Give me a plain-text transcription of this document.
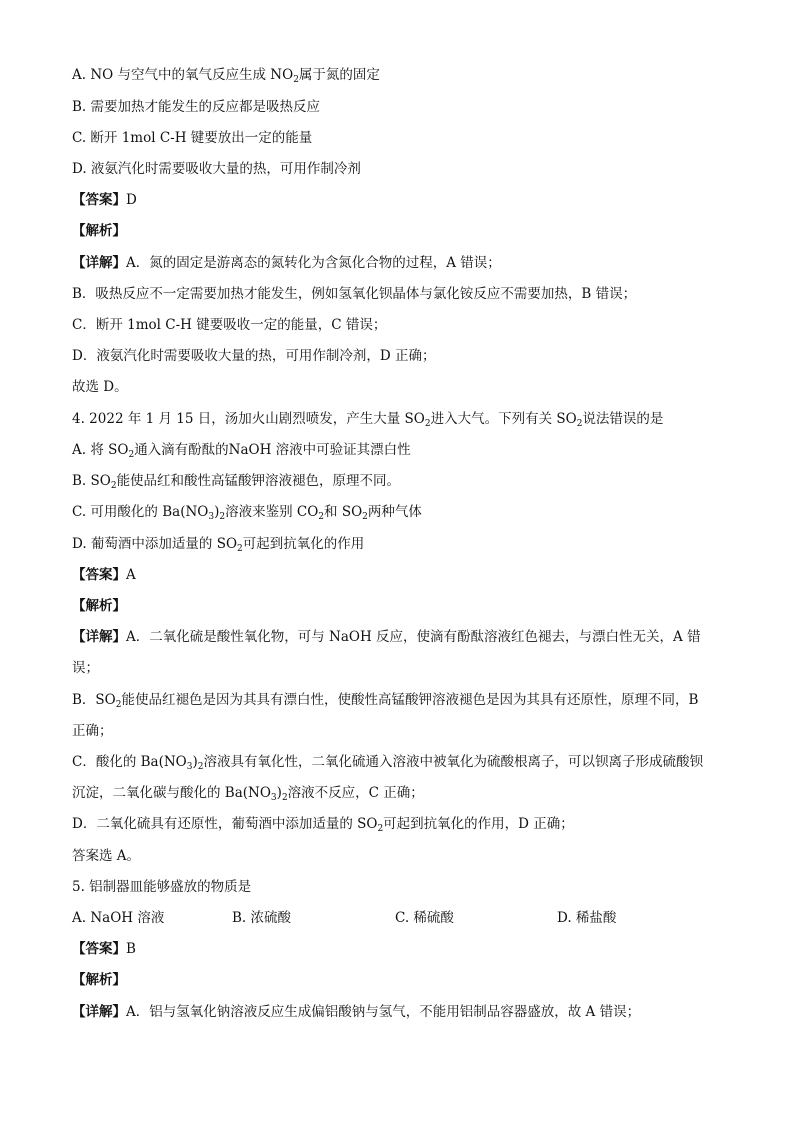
A. NO 与空气中的氧气反应生成 $NO_2$属于氮的固定
B. 需要加热才能发生的反应都是吸热反应
C. 断开 1mol C-H 键要放出一定的能量
D. 液氨汽化时需要吸收大量的热，可用作制冷剂
【答案】D
【解析】
【详解】A．氮的固定是游离态的氮转化为含氮化合物的过程，A 错误；
B．吸热反应不一定需要加热才能发生，例如氢氧化钡晶体与氯化铵反应不需要加热，B 错误；
C．断开 1mol C-H 键要吸收一定的能量，C 错误；
D．液氨汽化时需要吸收大量的热，可用作制冷剂，D 正确；
故选 D。
4. 2022 年 1 月 15 日，汤加火山剧烈喷发，产生大量 $SO_2$进入大气。下列有关 $SO_2$说法错误的是
A. 将 $SO_2$通入滴有酚酞的NaOH 溶液中可验证其漂白性
B. $SO_2$能使品红和酸性高锰酸钾溶液褪色，原理不同。
C. 可用酸化的 $Ba(NO_3)_2$溶液来鉴别 $CO_2$和 $SO_2$两种气体
D. 葡萄酒中添加适量的 $SO_2$可起到抗氧化的作用
【答案】A
【解析】
【详解】A．二氧化硫是酸性氧化物，可与 NaOH 反应，使滴有酚酞溶液红色褪去，与漂白性无关，A 错
误；
B．$SO_2$能使品红褪色是因为其具有漂白性，使酸性高锰酸钾溶液褪色是因为其具有还原性，原理不同，B
正确；
C．酸化的 $Ba(NO_3)_2$溶液具有氧化性，二氧化硫通入溶液中被氧化为硫酸根离子，可以钡离子形成硫酸钡
沉淀，二氧化碳与酸化的 $Ba(NO_3)_2$溶液不反应，C 正确；
D．二氧化硫具有还原性，葡萄酒中添加适量的 $SO_2$可起到抗氧化的作用，D 正确；
答案选 A。
5. 铝制器皿能够盛放的物质是
A. NaOH 溶液	B. 浓硫酸	C. 稀硫酸	D. 稀盐酸
【答案】B
【解析】
【详解】A．铝与氢氧化钠溶液反应生成偏铝酸钠与氢气，不能用铝制品容器盛放，故 A 错误；
